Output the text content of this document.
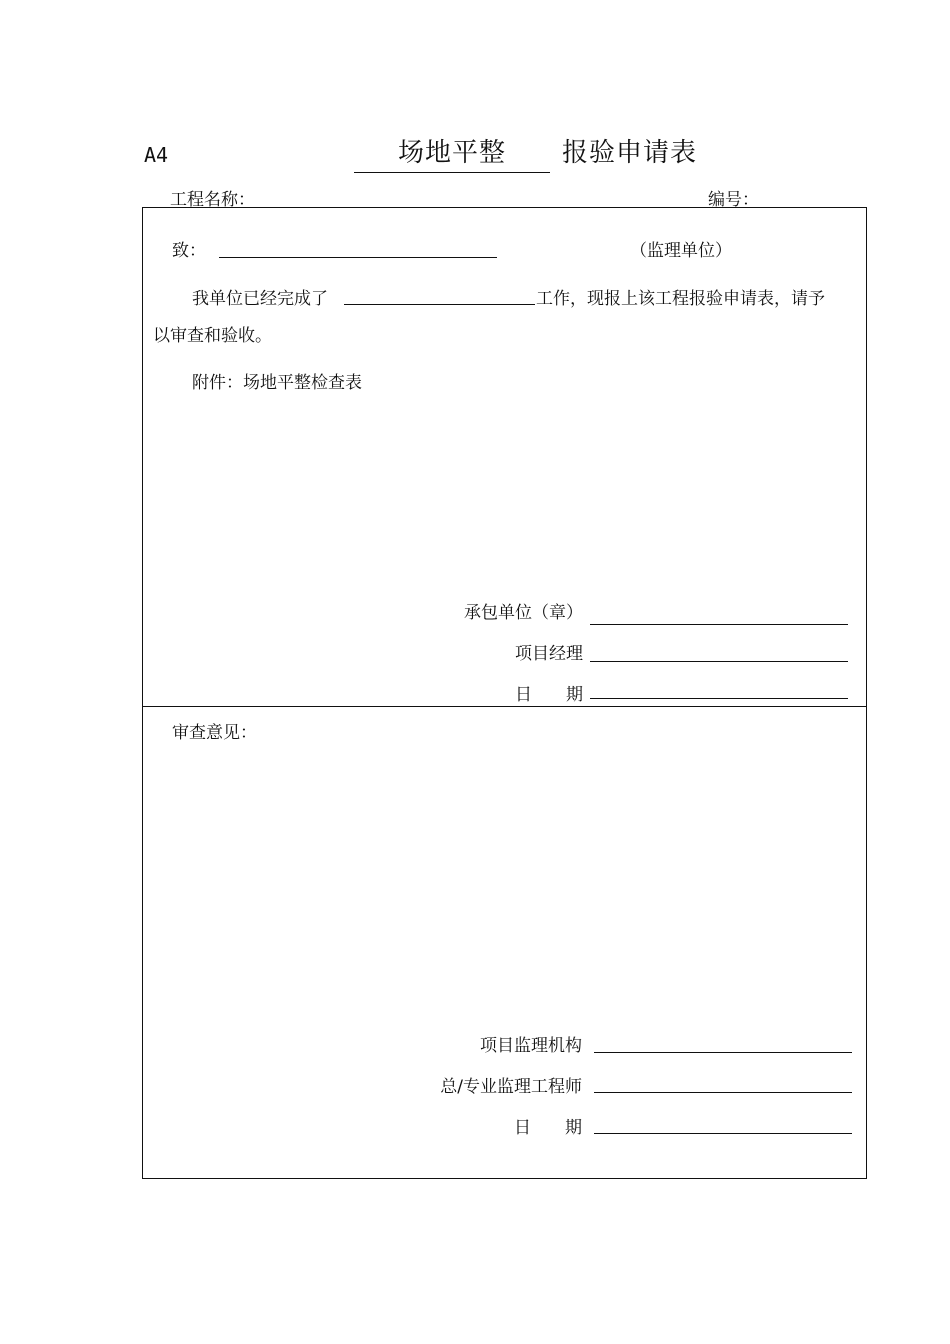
A4	场地平整	报验申请表
工程名称：	编号：
致：	（监理单位）
我单位已经完成了	工作，现报上该工程报验申请表，请予
以审查和验收。
附件：场地平整检查表
承包单位（章）
项目经理
日　　期
审查意见：
项目监理机构
总/专业监理工程师
日　　期
